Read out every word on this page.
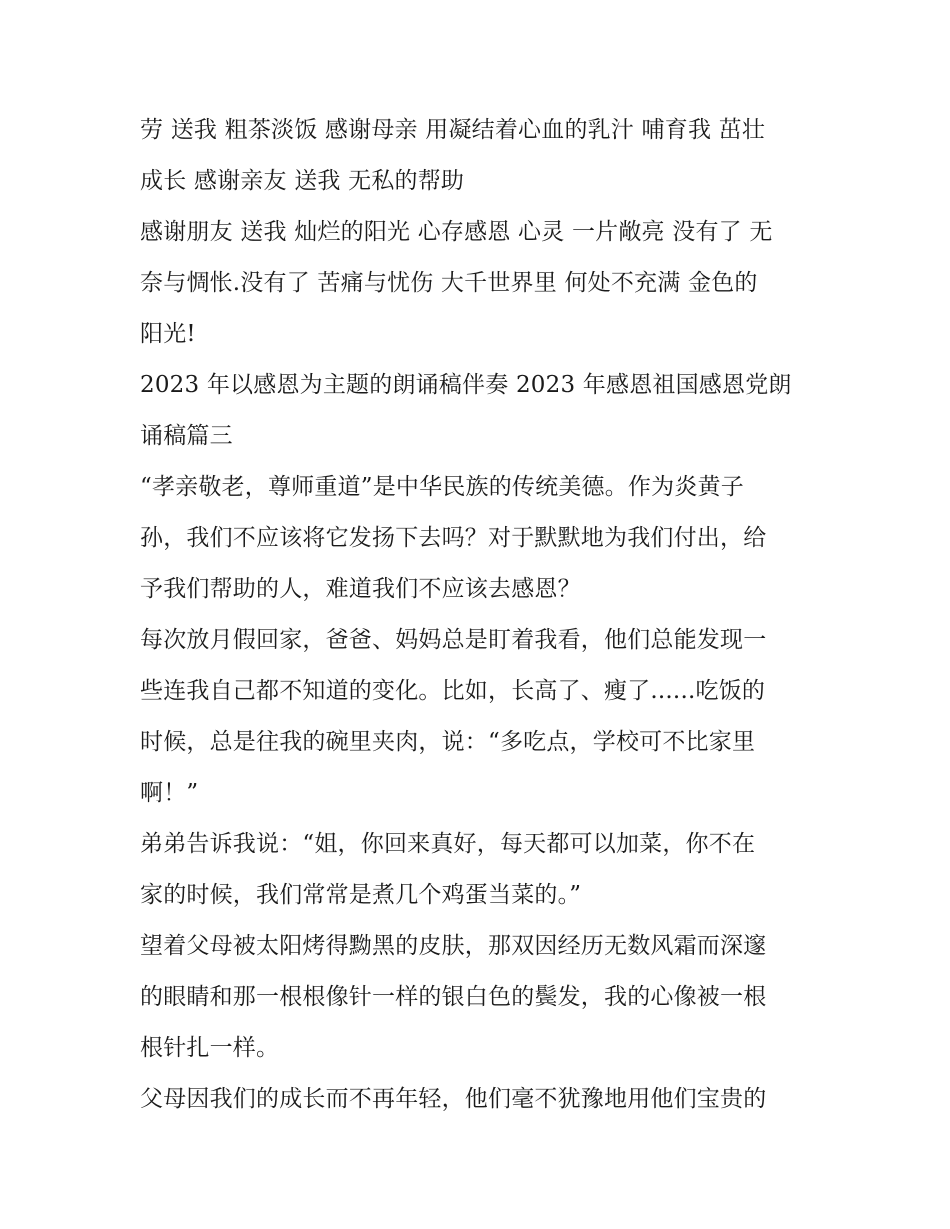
劳 送我 粗茶淡饭 感谢母亲 用凝结着心血的乳汁 哺育我 茁壮
成长 感谢亲友 送我 无私的帮助

感谢朋友 送我 灿烂的阳光 心存感恩 心灵 一片敞亮 没有了 无
奈与惆怅.没有了 苦痛与忧伤 大千世界里 何处不充满 金色的
阳光!

2023 年以感恩为主题的朗诵稿伴奏 2023 年感恩祖国感恩党朗
诵稿篇三

“孝亲敬老，尊师重道”是中华民族的传统美德。作为炎黄子
孙，我们不应该将它发扬下去吗？对于默默地为我们付出，给
予我们帮助的人，难道我们不应该去感恩？

每次放月假回家，爸爸、妈妈总是盯着我看，他们总能发现一
些连我自己都不知道的变化。比如，长高了、瘦了......吃饭的
时候，总是往我的碗里夹肉，说：“多吃点，学校可不比家里
啊！”

弟弟告诉我说：“姐，你回来真好，每天都可以加菜，你不在
家的时候，我们常常是煮几个鸡蛋当菜的。”

望着父母被太阳烤得黝黑的皮肤，那双因经历无数风霜而深邃
的眼睛和那一根根像针一样的银白色的鬓发，我的心像被一根
根针扎一样。

父母因我们的成长而不再年轻，他们毫不犹豫地用他们宝贵的
